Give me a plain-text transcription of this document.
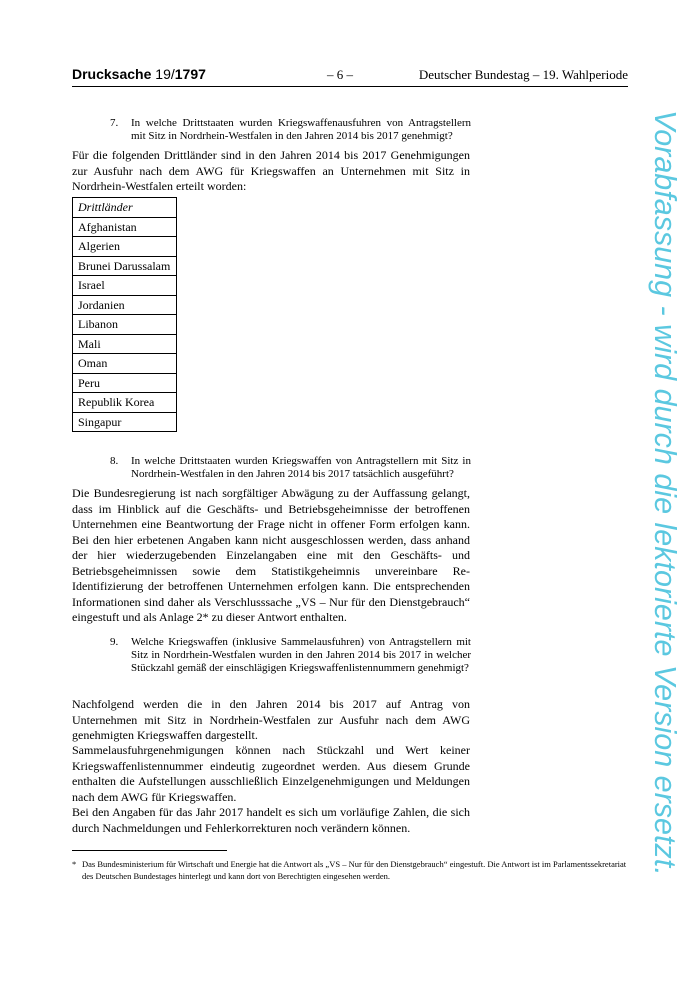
Drucksache 19/1797	– 6 –	Deutscher Bundestag – 19. Wahlperiode
7. In welche Drittstaaten wurden Kriegswaffenausfuhren von Antragstellern mit Sitz in Nordrhein-Westfalen in den Jahren 2014 bis 2017 genehmigt?

Für die folgenden Drittländer sind in den Jahren 2014 bis 2017 Genehmigungen zur Ausfuhr nach dem AWG für Kriegswaffen an Unternehmen mit Sitz in Nordrhein-Westfalen erteilt worden:

Drittländer
Afghanistan
Algerien
Brunei Darussalam
Israel
Jordanien
Libanon
Mali
Oman
Peru
Republik Korea
Singapur
8. In welche Drittstaaten wurden Kriegswaffen von Antragstellern mit Sitz in Nordrhein-Westfalen in den Jahren 2014 bis 2017 tatsächlich ausgeführt?

Die Bundesregierung ist nach sorgfältiger Abwägung zu der Auffassung gelangt, dass im Hinblick auf die Geschäfts- und Betriebsgeheimnisse der betroffenen Unternehmen eine Beantwortung der Frage nicht in offener Form erfolgen kann. Bei den hier erbetenen Angaben kann nicht ausgeschlossen werden, dass anhand der hier wiederzugebenden Einzelangaben eine mit den Geschäfts- und Betriebsgeheimnissen sowie dem Statistikgeheimnis unvereinbare Re-Identifizierung der betroffenen Unternehmen erfolgen kann. Die entsprechenden Informationen sind daher als Verschlusssache „VS – Nur für den Dienstgebrauch“ eingestuft und als Anlage 2* zu dieser Antwort enthalten.

9. Welche Kriegswaffen (inklusive Sammelausfuhren) von Antragstellern mit Sitz in Nordrhein-Westfalen wurden in den Jahren 2014 bis 2017 in welcher Stückzahl gemäß der einschlägigen Kriegswaffenlistennummern genehmigt?

Nachfolgend werden die in den Jahren 2014 bis 2017 auf Antrag von Unternehmen mit Sitz in Nordrhein-Westfalen zur Ausfuhr nach dem AWG genehmigten Kriegswaffen dargestellt.

Sammelausfuhrgenehmigungen können nach Stückzahl und Wert keiner Kriegswaffenlistennummer eindeutig zugeordnet werden. Aus diesem Grunde enthalten die Aufstellungen ausschließlich Einzelgenehmigungen und Meldungen nach dem AWG für Kriegswaffen.

Bei den Angaben für das Jahr 2017 handelt es sich um vorläufige Zahlen, die sich durch Nachmeldungen und Fehlerkorrekturen noch verändern können.

* Das Bundesministerium für Wirtschaft und Energie hat die Antwort als „VS – Nur für den Dienstgebrauch“ eingestuft. Die Antwort ist im Parlamentssekretariat des Deutschen Bundestages hinterlegt und kann dort von Berechtigten eingesehen werden.
Vorabfassung - wird durch die lektorierte Version ersetzt.
